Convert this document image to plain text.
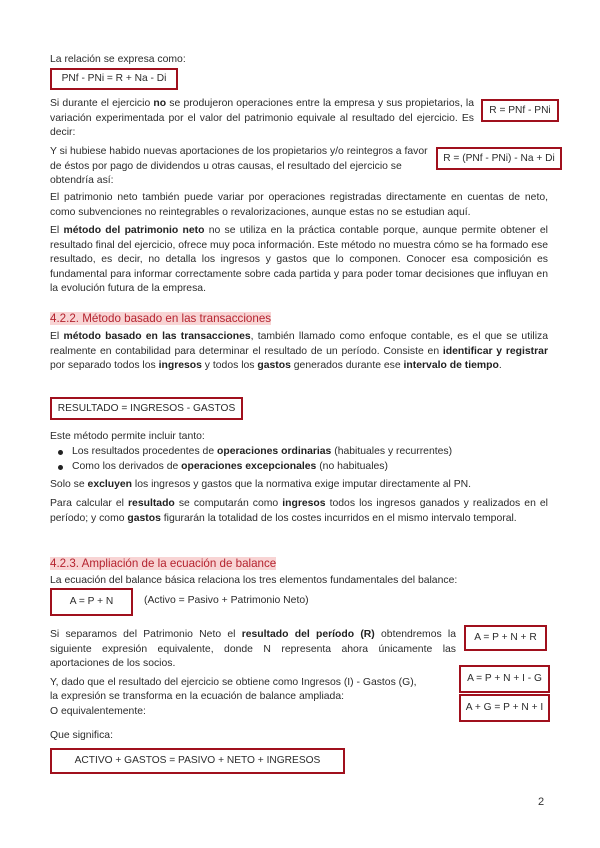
La relación se expresa como:

PNf - PNi = R + Na - Di

Si durante el ejercicio no se produjeron operaciones entre la empresa y sus propietarios, la variación experimentada por el valor del patrimonio equivale al resultado del ejercicio. Es decir:

R = PNf - PNi

Y si hubiese habido nuevas aportaciones de los propietarios y/o reintegros a favor de éstos por pago de dividendos u otras causas, el resultado del ejercicio se obtendría así:

R = (PNf - PNi) - Na + Di

El patrimonio neto también puede variar por operaciones registradas directamente en cuentas de neto, como subvenciones no reintegrables o revalorizaciones, aunque estas no se estudian aquí.

El método del patrimonio neto no se utiliza en la práctica contable porque, aunque permite obtener el resultado final del ejercicio, ofrece muy poca información. Este método no muestra cómo se ha formado ese resultado, es decir, no detalla los ingresos y gastos que lo componen. Conocer esa composición es fundamental para informar correctamente sobre cada partida y para poder tomar decisiones que influyan en la evolución futura de la empresa.

4.2.2. Método basado en las transacciones

El método basado en las transacciones, también llamado como enfoque contable, es el que se utiliza realmente en contabilidad para determinar el resultado de un período. Consiste en identificar y registrar por separado todos los ingresos y todos los gastos generados durante ese intervalo de tiempo.

RESULTADO = INGRESOS - GASTOS

Este método permite incluir tanto:

Los resultados procedentes de operaciones ordinarias (habituales y recurrentes)
Como los derivados de operaciones excepcionales (no habituales)

Solo se excluyen los ingresos y gastos que la normativa exige imputar directamente al PN.

Para calcular el resultado se computarán como ingresos todos los ingresos ganados y realizados en el período; y como gastos figurarán la totalidad de los costes incurridos en el mismo intervalo temporal.

4.2.3. Ampliación de la ecuación de balance

La ecuación del balance básica relaciona los tres elementos fundamentales del balance:

A = P + N	(Activo = Pasivo + Patrimonio Neto)

Si separamos del Patrimonio Neto el resultado del período (R) obtendremos la siguiente expresión equivalente, donde N representa ahora únicamente las aportaciones de los socios.

A = P + N + R

Y, dado que el resultado del ejercicio se obtiene como Ingresos (I) - Gastos (G),

la expresión se transforma en la ecuación de balance ampliada:

O equivalentemente:

A = P + N + I - G
A + G = P + N + I

Que significa:

ACTIVO + GASTOS = PASIVO + NETO + INGRESOS
2
